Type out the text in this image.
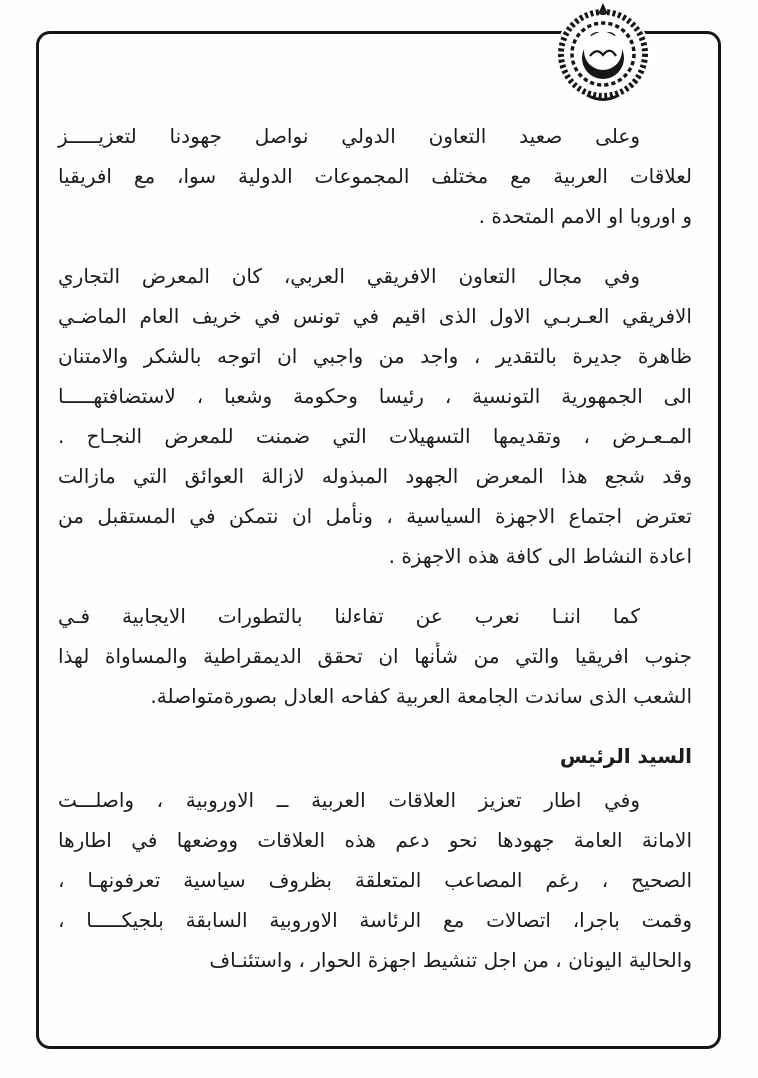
وعلى صعيد التعاون الدولي نواصل جهودنا لتعزيـــــز
لعلاقات العربية مع مختلف المجموعات الدولية سوا، مع افريقيا
و اوروبا او الامم المتحدة .
وفي مجال التعاون الافريقي العربي، كان المعرض التجاري
الافريقي العـربـي الاول الذى اقيم في تونس في خريف العام الماضـي
ظاهرة جديرة بالتقدير ، واجد من واجبي ان اتوجه بالشكر والامتنان
الى الجمهورية التونسية ، رئيسا وحكومة وشعبا ، لاستضافتهـــــا
المـعـرض ، وتقديمها التسهيلات التي ضمنت للمعرض النجـاح .
وقد شجع هذا المعرض الجهود المبذوله لازالة العوائق التي مازالت
تعترض اجتماع الاجهزة السياسية ، ونأمل ان نتمكن في المستقبل من
اعادة النشاط الى كافة هذه الاجهزة .
كما اننـا نعرب عن تفاءلنا بالتطورات الايجابية فـي
جنوب افريقيا والتي من شأنها ان تحقق الديمقراطية والمساواة لهذا
الشعب الذى ساندت الجامعة العربية كفاحه العادل بصورةمتواصلة.
السيد الرئيس
وفي اطار تعزيز العلاقات العربية ــ الاوروبية ، واصلـــت
الامانة العامة جهودها نحو دعم هذه العلاقات ووضعها في اطارها
الصحيح ، رغم المصاعب المتعلقة بظروف سياسية تعرفونهـا ،
وقمت باجرا، اتصالات مع الرئاسة الاوروبية السابقة بلجيكـــــا ،
والحالية اليونان ، من اجل تنشيط اجهزة الحوار ، واستئنـاف
